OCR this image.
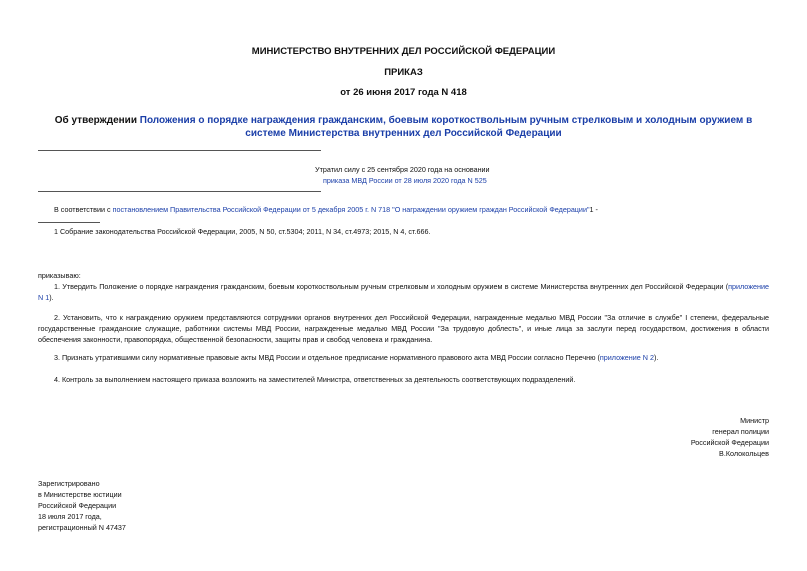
МИНИСТЕРСТВО ВНУТРЕННИХ ДЕЛ РОССИЙСКОЙ ФЕДЕРАЦИИ
ПРИКАЗ
от 26 июня 2017 года N 418
Об утверждении Положения о порядке награждения гражданским, боевым короткоствольным ручным стрелковым и холодным оружием в системе Министерства внутренних дел Российской Федерации
Утратил силу с 25 сентября 2020 года на основании
приказа МВД России от 28 июля 2020 года N 525
В соответствии с постановлением Правительства Российской Федерации от 5 декабря 2005 г. N 718 "О награждении оружием граждан Российской Федерации"1 -
1 Собрание законодательства Российской Федерации, 2005, N 50, ст.5304; 2011, N 34, ст.4973; 2015, N 4, ст.666.
приказываю:
1. Утвердить Положение о порядке награждения гражданским, боевым короткоствольным ручным стрелковым и холодным оружием в системе Министерства внутренних дел Российской Федерации (приложение N 1).
2. Установить, что к награждению оружием представляются сотрудники органов внутренних дел Российской Федерации, награжденные медалью МВД России "За отличие в службе" I степени, федеральные государственные гражданские служащие, работники системы МВД России, награжденные медалью МВД России "За трудовую доблесть", и иные лица за заслуги перед государством, достижения в области обеспечения законности, правопорядка, общественной безопасности, защиты прав и свобод человека и гражданина.
3. Признать утратившими силу нормативные правовые акты МВД России и отдельное предписание нормативного правового акта МВД России согласно Перечню (приложение N 2).
4. Контроль за выполнением настоящего приказа возложить на заместителей Министра, ответственных за деятельность соответствующих подразделений.
Министр
генерал полиции
Российской Федерации
В.Колокольцев
Зарегистрировано
в Министерстве юстиции
Российской Федерации
18 июля 2017 года,
регистрационный N 47437
